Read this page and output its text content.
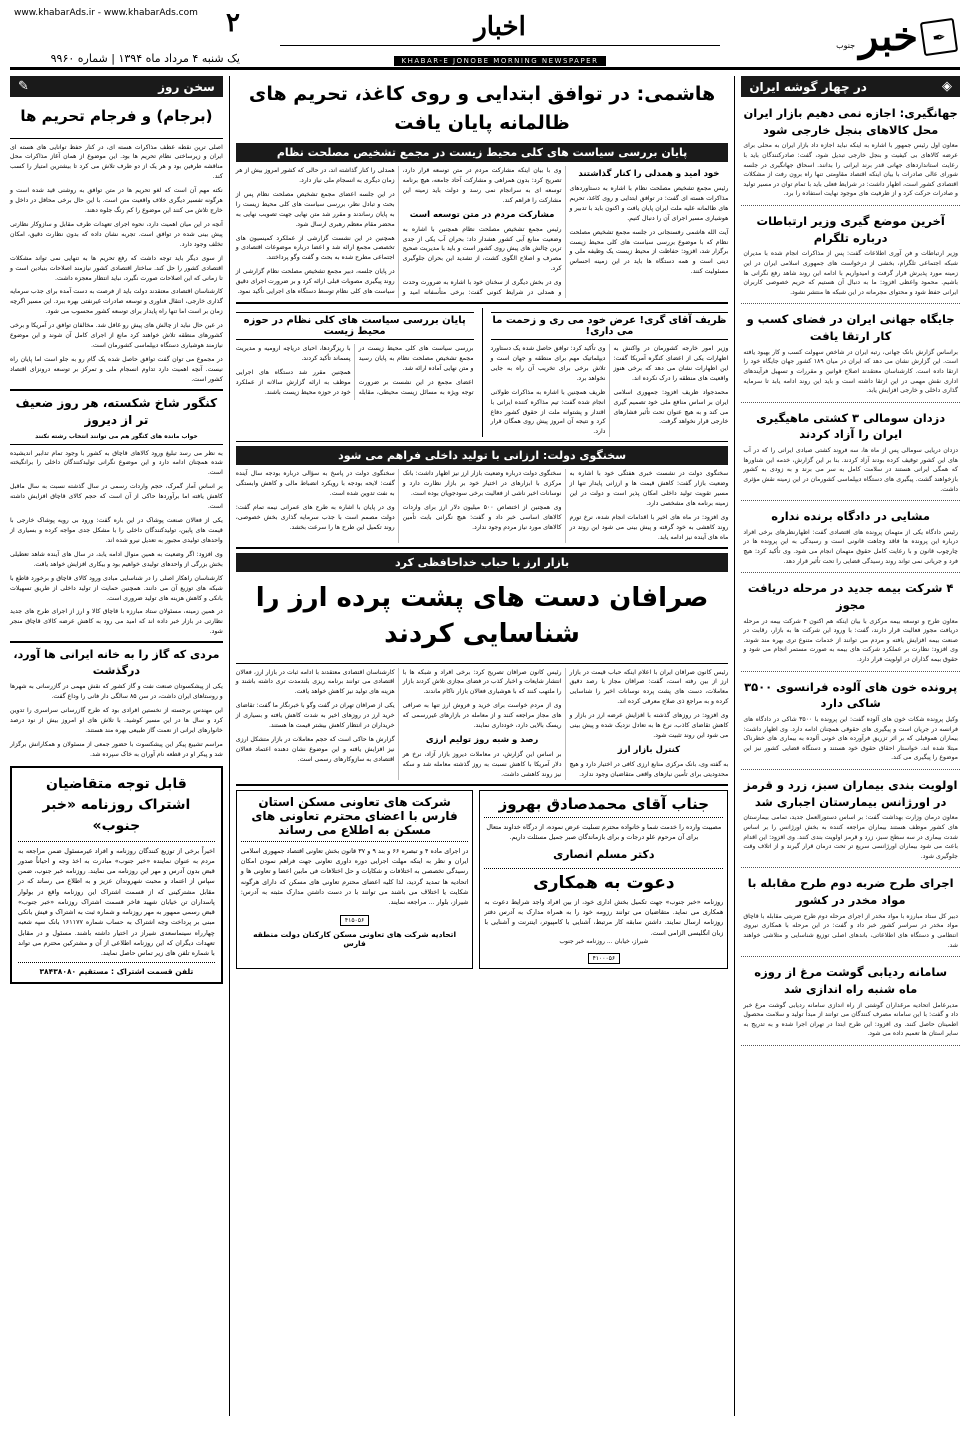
✒
خبر
جنوب
اخبار
KHABAR-E JONOBE MORNING NEWSPAPER
۲
www.khabarAds.ir - www.khabarAds.com
یک شنبه ۴ مرداد ماه ۱۳۹۴ | شماره ۹۹۶۰
سخن روز
✎
(برجام) و فرجام تحریم ها

اصلی ترین نقطه عطف مذاکرات هسته ای، در کنار حفظ توانایی های هسته ای ایران و زیرساختی نظام تحریم ها بود. این موضوع از همان آغاز مذاکرات محل مناقشه طرفین بود و هر یک از دو طرف تلاش می کرد تا بیشترین امتیاز را کسب کند.

نکته مهم آن است که لغو تحریم ها در متن توافق به روشنی قید شده است و هرگونه تفسیر دیگری خلاف واقعیت متن است. با این حال برخی محافل در داخل و خارج تلاش می کنند این موضوع را کم رنگ جلوه دهند.

آنچه در این میان اهمیت دارد، نحوه اجرای تعهدات طرف مقابل و سازوکار نظارتی پیش بینی شده در توافق است. تجربه نشان داده که بدون نظارت دقیق، امکان تخلف وجود دارد.

از سوی دیگر باید توجه داشت که رفع تحریم ها به تنهایی نمی تواند مشکلات اقتصادی کشور را حل کند. ساختار اقتصادی کشور نیازمند اصلاحات بنیادین است و تا زمانی که این اصلاحات صورت نگیرد، نباید انتظار معجزه داشت.

کارشناسان اقتصادی معتقدند دولت باید از فرصت به دست آمده برای جذب سرمایه گذاری خارجی، انتقال فناوری و توسعه صادرات غیرنفتی بهره ببرد. این مسیر اگرچه زمان بر است اما تنها راه پایدار برای توسعه کشور محسوب می شود.

در عین حال نباید از چالش های پیش رو غافل شد. مخالفان توافق در آمریکا و برخی کشورهای منطقه تلاش خواهند کرد مانع از اجرای کامل آن شوند و این موضوع نیازمند هوشیاری دستگاه دیپلماسی کشورمان است.

در مجموع می توان گفت توافق حاصل شده یک گام رو به جلو است اما پایان راه نیست. آنچه اهمیت دارد تداوم انسجام ملی و تمرکز بر توسعه درونزای اقتصاد کشور است.

کنگور شاخ شکسته، هر روز ضعیف تر از دیروز
خواب مانده های کنگور هم می توانند انتخاب رشته نکنند

به نظر می رسد تبلیغ ورود کالاهای قاچاق به کشور با وجود تمام تدابیر اندیشیده شده همچنان ادامه دارد و این موضوع نگرانی تولیدکنندگان داخلی را برانگیخته است.

بر اساس آمار گمرک، حجم واردات رسمی در سال گذشته نسبت به سال ماقبل کاهش یافته اما برآوردها حاکی از آن است که حجم کالای قاچاق افزایش داشته است.

یکی از فعالان صنعت پوشاک در این باره گفت: ورود بی رویه پوشاک خارجی با قیمت های پایین، تولیدکنندگان داخلی را با مشکل جدی مواجه کرده و بسیاری از واحدهای تولیدی مجبور به تعدیل نیرو شده اند.

وی افزود: اگر وضعیت به همین منوال ادامه یابد، در سال های آینده شاهد تعطیلی بخش بزرگی از واحدهای تولیدی خواهیم بود و بیکاری افزایش خواهد یافت.

کارشناسان راهکار اصلی را در شناسایی مبادی ورود کالای قاچاق و برخورد قاطع با شبکه های توزیع آن می دانند. همچنین حمایت از تولید داخلی از طریق تسهیلات بانکی و کاهش هزینه های تولید ضروری است.

در همین زمینه، مسئولان ستاد مبارزه با قاچاق کالا و ارز از اجرای طرح های جدید نظارتی در بازار خبر داده اند که امید می رود به کاهش عرضه کالای قاچاق منجر شود.

مردی که گاز را به خانه ایرانی ها آورد، درگذشت

یکی از پیشکسوتان صنعت نفت و گاز کشور که نقش مهمی در گازرسانی به شهرها و روستاهای ایران داشت، در سن ۸۵ سالگی دار فانی را وداع گفت.

این مهندس برجسته از نخستین افرادی بود که طرح گازرسانی سراسری را تدوین کرد و سال ها در این مسیر کوشید. با تلاش های او امروز بیش از نود درصد خانوارهای ایرانی از نعمت گاز طبیعی بهره مند هستند.

مراسم تشییع پیکر این پیشکسوت با حضور جمعی از مسئولان و همکارانش برگزار شد و پیکر او در قطعه نام آوران به خاک سپرده شد.

قابل توجه متقاضیان اشتراک روزنامه «خبر جنوب»
اخیراً برخی از توزیع کنندگان روزنامه و افراد غیرمسئول ضمن مراجعه به مردم به عنوان نماینده «خبر جنوب» مبادرت به اخذ وجه و احیاناً صدور قبض بدون آدرس و مهر این روزنامه می نمایند. روزنامه خبر جنوب، ضمن سپاس از اعتماد و محبت شهروندان عزیز و به اطلاع می رساند که در مقابل مشترکینی که از قسمت اشتراک این روزنامه واقع در بولوار پاسداران تن خیابان شهید فاخر قسمت اشتراک روزنامه «خبر جنوب» قبض رسمی ممهور به مهر روزنامه و شماره ثبت به اشتراک و فیش بانکی مبنی بر پرداخت وجه اشتراک به حساب شماره ۱۶۱۱۷۷ بانک سپه شعبه چهارراه سینماسعدی شیراز در اختیار داشته باشند. مسئول و در مقابل تعهدات دیگران که این روزنامه اطلاعی از آن و مشترکین محترم می تواند با شماره تلفن های زیر تماس حاصل نمایند.
تلفن قسمت اشتراک : مستقیم ۳۸۴۳۸۰۸۰
هاشمی: در توافق ابتدایی و روی کاغذ، تحریم های ظالمانه پایان یافت
پایان بررسی سیاست های کلی محیط زیست در مجمع تشخیص مصلحت نظام
خود امید و همدلی را کنار گذاشتند

رئیس مجمع تشخیص مصلحت نظام با اشاره به دستاوردهای مذاکرات هسته ای گفت: در توافق ابتدایی و روی کاغذ، تحریم های ظالمانه علیه ملت ایران پایان یافت و اکنون باید با تدبیر و هوشیاری مسیر اجرای آن را دنبال کنیم.

آیت الله هاشمی رفسنجانی در جلسه مجمع تشخیص مصلحت نظام که با موضوع بررسی سیاست های کلی محیط زیست برگزار شد، افزود: حفاظت از محیط زیست یک وظیفه ملی و دینی است و همه دستگاه ها باید در این زمینه احساس مسئولیت کنند.

وی با بیان اینکه مشارکت مردم در متن توسعه قرار دارد، تصریح کرد: بدون همراهی و مشارکت آحاد جامعه، هیچ برنامه توسعه ای به سرانجام نمی رسد و دولت باید زمینه این مشارکت را فراهم کند.

مشارکت مردم در متن توسعه است

رئیس مجمع تشخیص مصلحت نظام همچنین با اشاره به وضعیت منابع آبی کشور هشدار داد: بحران آب یکی از جدی ترین چالش های پیش روی کشور است و باید با مدیریت صحیح مصرف و اصلاح الگوی کشت، از تشدید این بحران جلوگیری کرد.

وی در بخش دیگری از سخنان خود با اشاره به ضرورت وحدت و همدلی در شرایط کنونی گفت: برخی متأسفانه امید و همدلی را کنار گذاشته اند، در حالی که کشور امروز بیش از هر زمان دیگری به انسجام ملی نیاز دارد.

در این جلسه اعضای مجمع تشخیص مصلحت نظام پس از بحث و تبادل نظر، بررسی سیاست های کلی محیط زیست را به پایان رساندند و مقرر شد متن نهایی جهت تصویب نهایی به محضر مقام معظم رهبری ارسال شود.

همچنین در این نشست گزارشی از عملکرد کمیسیون های تخصصی مجمع ارائه شد و اعضا درباره موضوعات اقتصادی و اجتماعی مطرح شده به بحث و گفت وگو پرداختند.

در پایان جلسه، دبیر مجمع تشخیص مصلحت نظام گزارشی از روند پیگیری مصوبات قبلی ارائه کرد و بر ضرورت اجرای دقیق سیاست های کلی نظام توسط دستگاه های اجرایی تأکید نمود.

ظریف آقای گری! عرض خود می ری و زحمت ما می داری!

وزیر امور خارجه کشورمان در واکنش به اظهارات یکی از اعضای کنگره آمریکا گفت: این اظهارات نشان می دهد که برخی هنوز واقعیت های منطقه را درک نکرده اند.

محمدجواد ظریف افزود: جمهوری اسلامی ایران بر اساس منافع ملی خود تصمیم گیری می کند و به هیچ عنوان تحت تأثیر فشارهای خارجی قرار نخواهد گرفت.

وی تأکید کرد: توافق حاصل شده یک دستاورد دیپلماتیک مهم برای منطقه و جهان است و تلاش برخی برای تخریب آن راه به جایی نخواهد برد.

ظریف همچنین با اشاره به مذاکرات طولانی انجام شده گفت: تیم مذاکره کننده ایرانی با اقتدار و پشتوانه ملت از حقوق کشور دفاع کرد و نتیجه آن امروز پیش روی همگان قرار دارد.

پایان بررسی سیاست های کلی نظام در حوزه محیط زیست

بررسی سیاست های کلی محیط زیست در مجمع تشخیص مصلحت نظام به پایان رسید و متن نهایی آماده ارائه شد.

اعضای مجمع در این نشست بر ضرورت توجه ویژه به مسائل زیست محیطی، مقابله با ریزگردها، احیای دریاچه ارومیه و مدیریت پسماند تأکید کردند.

همچنین مقرر شد دستگاه های اجرایی موظف به ارائه گزارش سالانه از عملکرد خود در حوزه محیط زیست باشند.

سخنگوی دولت: ارزانی با تولید داخلی فراهم می شود

سخنگوی دولت در نشست خبری هفتگی خود با اشاره به وضعیت بازار گفت: کاهش قیمت ها و ارزانی پایدار تنها از مسیر تقویت تولید داخلی امکان پذیر است و دولت در این زمینه برنامه های مشخصی دارد.

وی افزود: در ماه های اخیر با اقدامات انجام شده، نرخ تورم روند کاهشی به خود گرفته و پیش بینی می شود این روند در ماه های آینده نیز ادامه یابد.

سخنگوی دولت درباره وضعیت بازار ارز نیز اظهار داشت: بانک مرکزی با ابزارهای در اختیار خود بر بازار نظارت دارد و نوسانات اخیر ناشی از فعالیت برخی سودجویان بوده است.

وی همچنین از اختصاص ۵۰۰ میلیون دلار ارز برای واردات کالاهای اساسی خبر داد و گفت: هیچ نگرانی بابت تأمین کالاهای مورد نیاز مردم وجود ندارد.

سخنگوی دولت در پاسخ به سؤالی درباره بودجه سال آینده گفت: لایحه بودجه با رویکرد انضباط مالی و کاهش وابستگی به نفت تدوین شده است.

وی در پایان با اشاره به طرح های عمرانی نیمه تمام گفت: دولت مصمم است با جذب سرمایه گذاری بخش خصوصی، روند تکمیل این طرح ها را سرعت بخشد.

بازار ارز با حباب خداحافظی کرد
صرافان دست های پشت پرده ارز را شناسایی کردند

رئیس کانون صرافان ایران با اعلام اینکه حباب قیمت در بازار ارز از بین رفته است، گفت: صرافان مجاز با رصد دقیق معاملات، دست های پشت پرده نوسانات اخیر را شناسایی کرده و به مراجع ذی صلاح معرفی کرده اند.

وی افزود: در روزهای گذشته با افزایش عرضه ارز در بازار و کاهش تقاضای کاذب، نرخ ها به تعادل نزدیک شده و پیش بینی می شود این روند تثبیت شود.

کنترل بازار ارز

به گفته وی، بانک مرکزی منابع ارزی کافی در اختیار دارد و هیچ محدودیتی برای تأمین نیازهای واقعی متقاضیان وجود ندارد.

رئیس کانون صرافان تصریح کرد: برخی افراد و شبکه ها با انتشار شایعات و اخبار کذب در فضای مجازی تلاش کردند بازار را ملتهب کنند که با هوشیاری فعالان بازار ناکام ماندند.

وی از مردم خواست برای خرید و فروش ارز تنها به صرافی های مجاز مراجعه کنند و از معامله در بازارهای غیررسمی که ریسک بالایی دارد، خودداری نمایند.

رصد و شبه روز تولیم ارزی

بر اساس این گزارش، در معاملات دیروز بازار آزاد، نرخ هر دلار آمریکا با کاهش نسبت به روز گذشته معامله شد و سکه نیز روند کاهشی داشت.

کارشناسان اقتصادی معتقدند با ادامه ثبات در بازار ارز، فعالان اقتصادی می توانند برنامه ریزی بلندمدت تری داشته باشند و هزینه های تولید نیز کاهش خواهد یافت.

یکی از صرافان تهران در گفت وگو با خبرنگار ما گفت: تقاضای خرید ارز در روزهای اخیر به شدت کاهش یافته و بسیاری از خریداران در انتظار کاهش بیشتر قیمت ها هستند.

گزارش ها حاکی است که حجم معاملات در بازار متشکل ارزی نیز افزایش یافته و این موضوع نشان دهنده اعتماد فعالان اقتصادی به سازوکارهای رسمی است.

جناب آقای محمدصادق بهروز
مصیبت وارده را خدمت شما و خانواده محترم تسلیت عرض نموده، از درگاه خداوند متعال برای آن مرحوم علو درجات و برای بازماندگان صبر جمیل مسئلت داریم.
دکتر مسلم انصاری
دعوت به همکاری
روزنامه «خبر جنوب» جهت تکمیل بخش اداری خود، از بین افراد واجد شرایط دعوت به همکاری می نماید. متقاضیان می توانند رزومه خود را به همراه مدارک به آدرس دفتر روزنامه ارسال نمایند. داشتن سابقه کار مرتبط، آشنایی با کامپیوتر، اینترنت و آشنایی با زبان انگلیسی الزامی است.
شیراز، خیابان ... روزنامه خبر جنوب
۴۱۰۰۰۵۶
شرکت های تعاونی مسکن استان فارس با اعضای محترم تعاونی های مسکن به اطلاع می رساند
در اجرای ماده ۴ و تبصره ۶۶ و بند ۹ و ۳۷ قانون بخش تعاونی اقتصاد جمهوری اسلامی ایران و نظر به اینکه مهلت اجرایی دوره داوری تعاونی جهت فراهم نمودن امکان رسیدگی تخصصی به اختلافات و شکایات و حل اختلافات فی مابین اعضا و تعاونی ها و اتحادیه ها تمدید گردید، لذا کلیه اعضای محترم تعاونی های مسکن که دارای هرگونه شکایت یا اختلاف می باشند می توانند با در دست داشتن مدارک مثبته به آدرس: شیراز، بلوار ... مراجعه نمایند.
۴۱۵۰۵۶
اتحادیه شرکت های تعاونی مسکن کارکنان دولت منطقه فارس
◈
در چهار گوشه ایران
جهانگیری: اجازه نمی دهیم بازار ایران محل کالاهای بنجل خارجی شود
معاون اول رئیس جمهور با اشاره به اینکه نباید اجازه داد بازار ایران به محلی برای عرضه کالاهای بی کیفیت و بنجل خارجی تبدیل شود، گفت: صادرکنندگان باید با رعایت استانداردهای جهانی قدر برند ایرانی را بدانند. اسحاق جهانگیری در جلسه شورای عالی صادرات با بیان اینکه اقتصاد مقاومتی تنها راه برون رفت از مشکلات اقتصادی کشور است، اظهار داشت: در شرایط فعلی باید با تمام توان در مسیر تولید و صادرات حرکت کرد و از ظرفیت های موجود نهایت استفاده را برد.
آخرین موضع گیری وزیر ارتباطات درباره تلگرام
وزیر ارتباطات و فن آوری اطلاعات گفت: پس از مذاکرات انجام شده با مدیران شبکه اجتماعی تلگرام، بخشی از درخواست های جمهوری اسلامی ایران در این زمینه مورد پذیرش قرار گرفت و امیدواریم با ادامه این روند شاهد رفع نگرانی ها باشیم. محمود واعظی افزود: ما به دنبال آن هستیم که حریم خصوصی کاربران ایرانی حفظ شود و محتوای مجرمانه در این شبکه ها منتشر نشود.
جایگاه جهانی ایران در فضای کسب و کار ارتقا یافت
براساس گزارش بانک جهانی، رتبه ایران در شاخص سهولت کسب و کار بهبود یافته است. این گزارش نشان می دهد که ایران در میان ۱۸۹ کشور جهان جایگاه خود را ارتقا داده است. کارشناسان معتقدند اصلاح قوانین و مقررات و تسهیل فرآیندهای اداری نقش مهمی در این ارتقا داشته است و باید این روند ادامه یابد تا سرمایه گذاری داخلی و خارجی افزایش یابد.
دزدان سومالی ۳ کشتی ماهیگیری ایران را آزاد کردند
دزدان دریایی سومالی پس از ماه ها، سه فروند کشتی صیادی ایرانی را که در آب های این کشور توقیف کرده بودند آزاد کردند. بنا بر این گزارش، خدمه این شناورها که همگی ایرانی هستند در سلامت کامل به سر می برند و به زودی به کشور بازخواهند گشت. پیگیری های دستگاه دیپلماسی کشورمان در این زمینه نقش مؤثری داشت.
مشایی در دادگاه برنده نداره
رئیس دادگاه یکی از متهمان پرونده های اقتصادی گفت: اظهارنظرهای برخی افراد درباره این پرونده ها فاقد وجاهت قانونی است و رسیدگی به این پرونده ها در چارچوب قانون و با رعایت کامل حقوق متهمان انجام می شود. وی تأکید کرد: هیچ فرد و جریانی نمی تواند روند رسیدگی قضایی را تحت تأثیر قرار دهد.
۴ شرکت بیمه جدید در مرحله دریافت مجوز
معاون طرح و توسعه بیمه مرکزی با بیان اینکه هم اکنون ۴ شرکت بیمه در مرحله دریافت مجوز فعالیت قرار دارند، گفت: با ورود این شرکت ها به بازار، رقابت در صنعت بیمه افزایش یافته و مردم می توانند از خدمات متنوع تری بهره مند شوند. وی افزود: نظارت بر عملکرد شرکت های بیمه به صورت مستمر انجام می شود و حقوق بیمه گذاران در اولویت قرار دارد.
پرونده خون های آلوده فرانسوی ۳۵۰۰ شاکی دارد
وکیل پرونده شکات خون های آلوده گفت: این پرونده با ۳۵۰۰ شاکی در دادگاه های فرانسه در جریان است و پیگیری های حقوقی همچنان ادامه دارد. وی اظهار داشت: بیماران هموفیلی که بر اثر تزریق فرآورده های خونی آلوده به بیماری های خطرناک مبتلا شده اند، خواستار احقاق حقوق خود هستند و دستگاه قضایی کشور نیز این موضوع را پیگیری می کند.
اولویت بندی بیماران سبز، زرد و قرمز در اورژانس بیمارستان اجباری شد
معاون درمان وزارت بهداشت گفت: بر اساس دستورالعمل جدید، تمامی بیمارستان های کشور موظف هستند بیماران مراجعه کننده به بخش اورژانس را بر اساس شدت بیماری در سه سطح سبز، زرد و قرمز اولویت بندی کنند. وی افزود: این اقدام باعث می شود بیماران اورژانسی سریع تر تحت درمان قرار گیرند و از اتلاف وقت جلوگیری شود.
اجرای طرح ضربه دوم طرح مقابله با مواد مخدر در کشور
دبیر کل ستاد مبارزه با مواد مخدر از اجرای مرحله دوم طرح ضربتی مقابله با قاچاق مواد مخدر در سراسر کشور خبر داد و گفت: در این مرحله با همکاری نیروی انتظامی و دستگاه های اطلاعاتی، باندهای اصلی توزیع شناسایی و متلاشی خواهند شد.
سامانه ردیابی گوشت مرغ از روزه ماه شنبه راه اندازی شد
مدیرعامل اتحادیه مرغداران گوشتی از راه اندازی سامانه ردیابی گوشت مرغ خبر داد و گفت: با این سامانه مصرف کنندگان می توانند از مبدأ تولید و سلامت محصول اطمینان حاصل کنند. وی افزود: این طرح ابتدا در تهران اجرا شده و به تدریج به سایر استان ها تعمیم داده می شود.
